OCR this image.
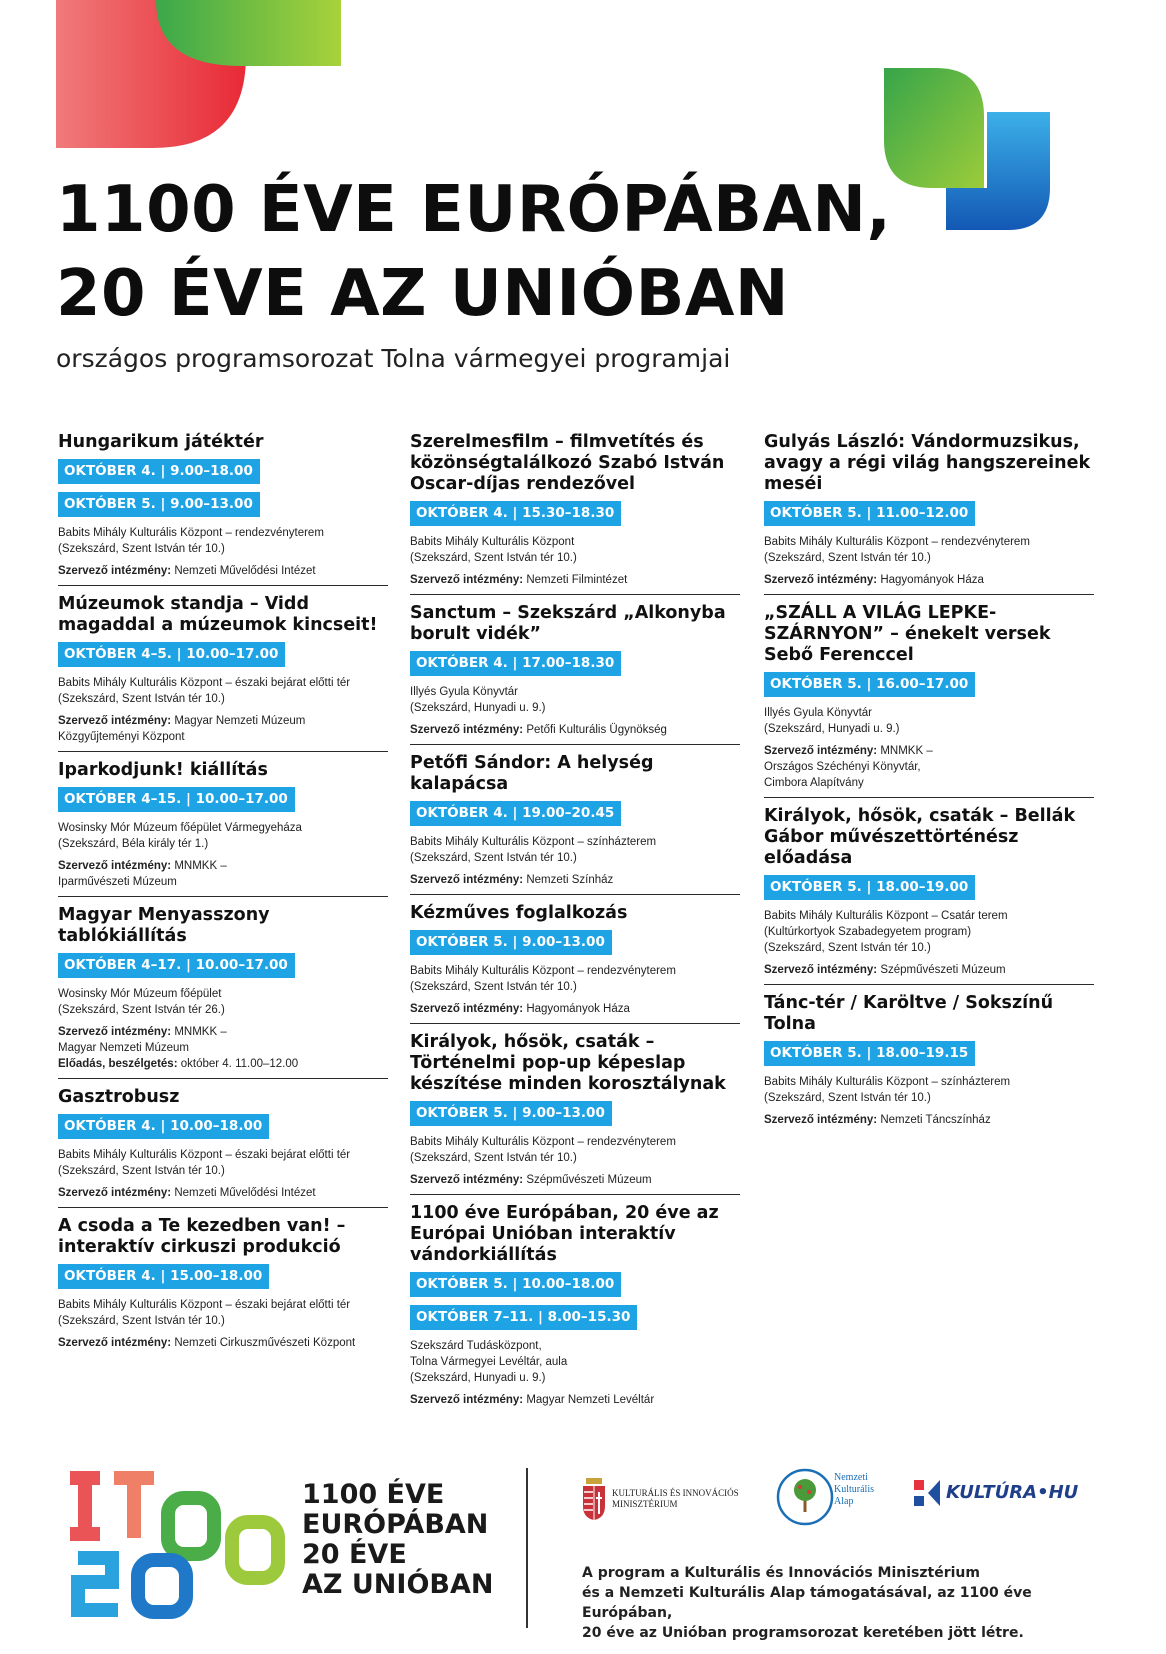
1100 ÉVE EURÓPÁBAN,
20 ÉVE AZ UNIÓBAN
országos programsorozat Tolna vármegyei programjai
Hungarikum játéktér
OKTÓBER 4. | 9.00–18.00
OKTÓBER 5. | 9.00–13.00
Babits Mihály Kulturális Központ – rendezvényterem
(Szekszárd, Szent István tér 10.)
Szervező intézmény: Nemzeti Művelődési Intézet
Múzeumok standja – Vidd magaddal a múzeumok kincseit!
OKTÓBER 4–5. | 10.00–17.00
Babits Mihály Kulturális Központ – északi bejárat előtti tér
(Szekszárd, Szent István tér 10.)
Szervező intézmény: Magyar Nemzeti Múzeum
Közgyűjteményi Központ
Iparkodjunk! kiállítás
OKTÓBER 4–15. | 10.00–17.00
Wosinsky Mór Múzeum főépület Vármegyeháza
(Szekszárd, Béla király tér 1.)
Szervező intézmény: MNMKK –
Iparművészeti Múzeum
Magyar Menyasszony tablókiállítás
OKTÓBER 4–17. | 10.00–17.00
Wosinsky Mór Múzeum főépület
(Szekszárd, Szent István tér 26.)
Szervező intézmény: MNMKK –
Magyar Nemzeti Múzeum
Előadás, beszélgetés: október 4. 11.00–12.00
Gasztrobusz
OKTÓBER 4. | 10.00–18.00
Babits Mihály Kulturális Központ – északi bejárat előtti tér
(Szekszárd, Szent István tér 10.)
Szervező intézmény: Nemzeti Művelődési Intézet
A csoda a Te kezedben van! – interaktív cirkuszi produkció
OKTÓBER 4. | 15.00–18.00
Babits Mihály Kulturális Központ – északi bejárat előtti tér
(Szekszárd, Szent István tér 10.)
Szervező intézmény: Nemzeti Cirkuszművészeti Központ
Szerelmesfilm – filmvetítés és közönségtalálkozó Szabó István Oscar-díjas rendezővel
OKTÓBER 4. | 15.30–18.30
Babits Mihály Kulturális Központ
(Szekszárd, Szent István tér 10.)
Szervező intézmény: Nemzeti Filmintézet
Sanctum – Szekszárd „Alkonyba borult vidék”
OKTÓBER 4. | 17.00–18.30
Illyés Gyula Könyvtár
(Szekszárd, Hunyadi u. 9.)
Szervező intézmény: Petőfi Kulturális Ügynökség
Petőfi Sándor: A helység kalapácsa
OKTÓBER 4. | 19.00–20.45
Babits Mihály Kulturális Központ – színházterem
(Szekszárd, Szent István tér 10.)
Szervező intézmény: Nemzeti Színház
Kézműves foglalkozás
OKTÓBER 5. | 9.00–13.00
Babits Mihály Kulturális Központ – rendezvényterem
(Szekszárd, Szent István tér 10.)
Szervező intézmény: Hagyományok Háza
Királyok, hősök, csaták – Történelmi pop-up képeslap készítése minden korosztálynak
OKTÓBER 5. | 9.00–13.00
Babits Mihály Kulturális Központ – rendezvényterem
(Szekszárd, Szent István tér 10.)
Szervező intézmény: Szépművészeti Múzeum
1100 éve Európában, 20 éve az Európai Unióban interaktív vándorkiállítás
OKTÓBER 5. | 10.00–18.00
OKTÓBER 7–11. | 8.00–15.30
Szekszárd Tudásközpont,
Tolna Vármegyei Levéltár, aula
(Szekszárd, Hunyadi u. 9.)
Szervező intézmény: Magyar Nemzeti Levéltár
Gulyás László: Vándormuzsikus, avagy a régi világ hangszereinek meséi
OKTÓBER 5. | 11.00–12.00
Babits Mihály Kulturális Központ – rendezvényterem
(Szekszárd, Szent István tér 10.)
Szervező intézmény: Hagyományok Háza
„SZÁLL A VILÁG LEPKE-SZÁRNYON” – énekelt versek Sebő Ferenccel
OKTÓBER 5. | 16.00–17.00
Illyés Gyula Könyvtár
(Szekszárd, Hunyadi u. 9.)
Szervező intézmény: MNMKK –
Országos Széchényi Könyvtár,
Cimbora Alapítvány
Királyok, hősök, csaták – Bellák Gábor művészettörténész előadása
OKTÓBER 5. | 18.00–19.00
Babits Mihály Kulturális Központ – Csatár terem
(Kultúrkortyok Szabadegyetem program)
(Szekszárd, Szent István tér 10.)
Szervező intézmény: Szépművészeti Múzeum
Tánc-tér / Karöltve / Sokszínű Tolna
OKTÓBER 5. | 18.00–19.15
Babits Mihály Kulturális Központ – színházterem
(Szekszárd, Szent István tér 10.)
Szervező intézmény: Nemzeti Táncszínház
1100 ÉVE
EURÓPÁBAN
20 ÉVE
AZ UNIÓBAN
KULTURÁLIS ÉS INNOVÁCIÓS
MINISZTÉRIUM
Nemzeti
Kulturális
Alap	KULTÚRA•HU
A program a Kulturális és Innovációs Minisztérium
és a Nemzeti Kulturális Alap támogatásával, az 1100 éve Európában,
20 éve az Unióban programsorozat keretében jött létre.
